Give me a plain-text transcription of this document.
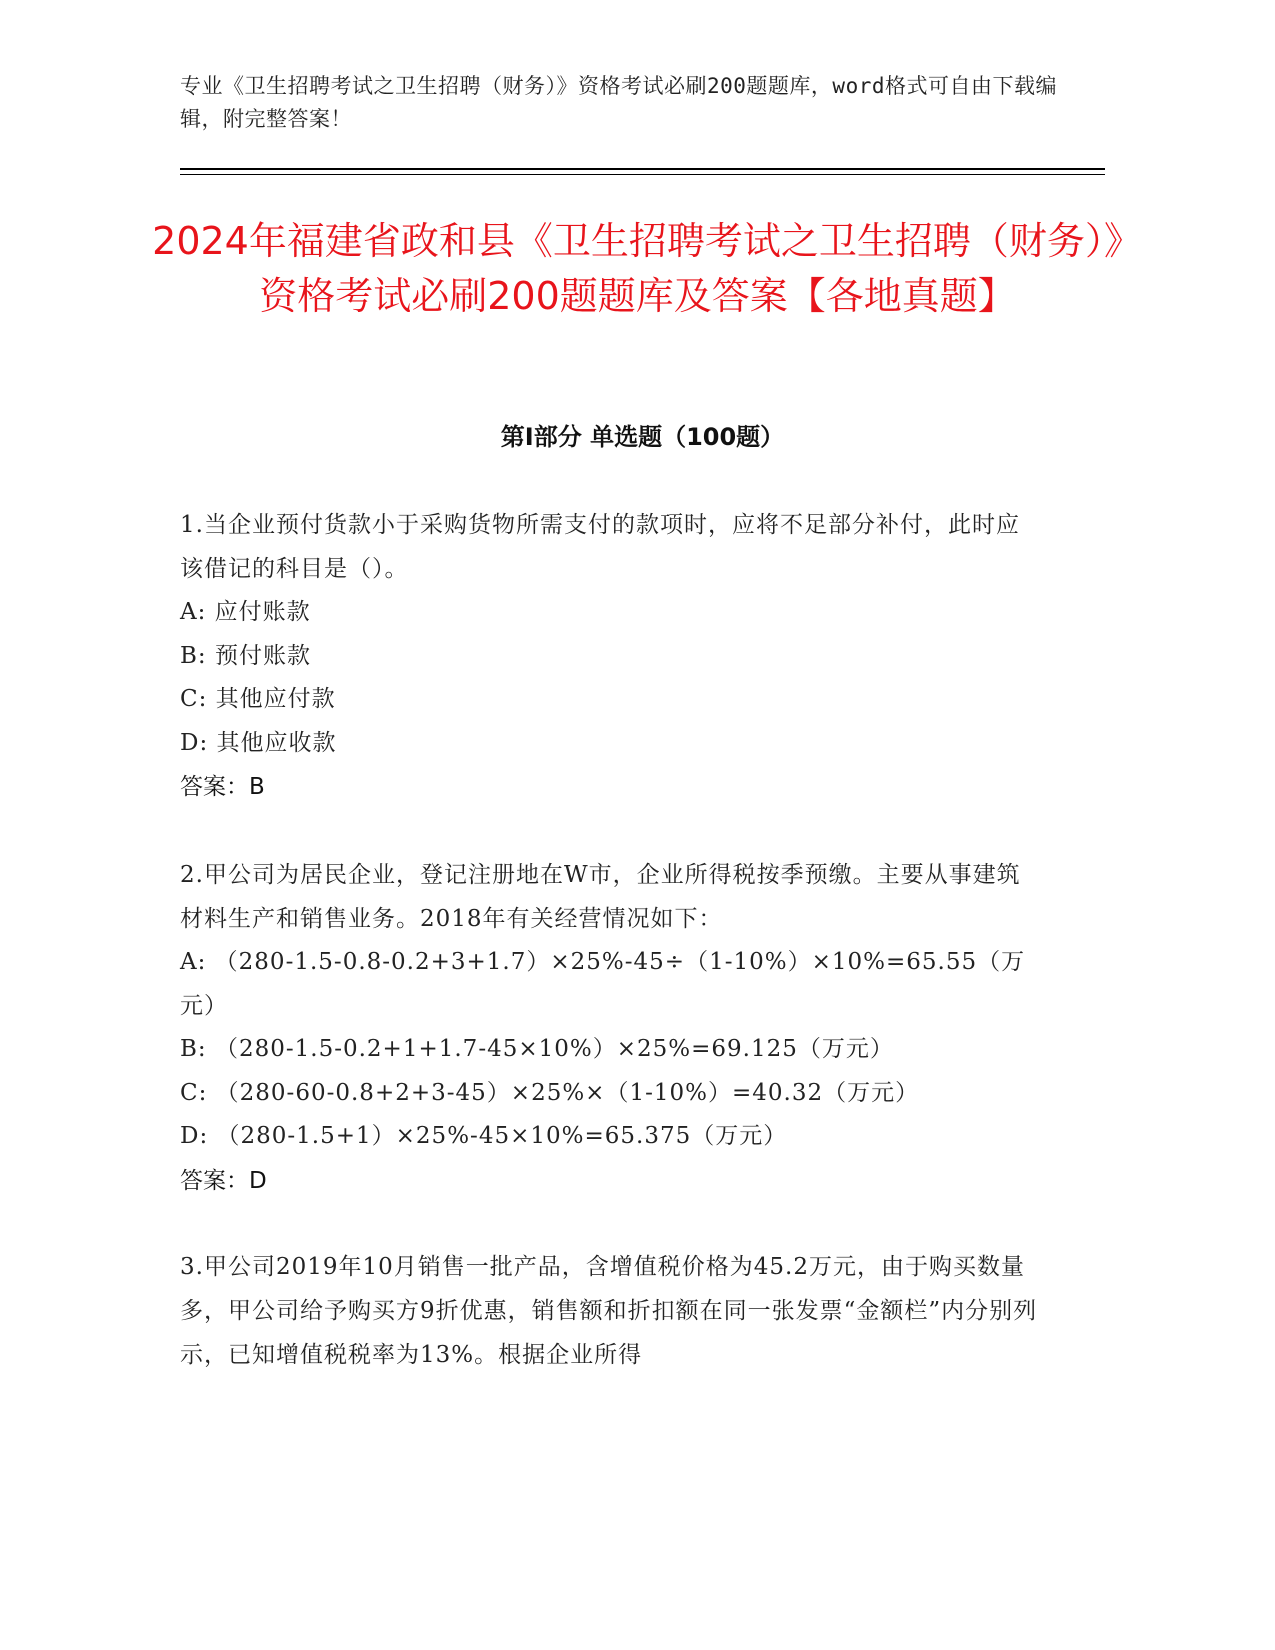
专业《卫生招聘考试之卫生招聘（财务）》资格考试必刷200题题库，word格式可自由下载编辑，附完整答案！
2024年福建省政和县《卫生招聘考试之卫生招聘（财务）》资格考试必刷200题题库及答案【各地真题】
第I部分 单选题（100题）
1.当企业预付货款小于采购货物所需支付的款项时，应将不足部分补付，此时应该借记的科目是（）。
A: 应付账款
B: 预付账款
C: 其他应付款
D: 其他应收款
答案：B
2.甲公司为居民企业，登记注册地在W市，企业所得税按季预缴。主要从事建筑材料生产和销售业务。2018年有关经营情况如下：
A: （280-1.5-0.8-0.2+3+1.7）×25%-45÷（1-10%）×10%=65.55（万元）
B: （280-1.5-0.2+1+1.7-45×10%）×25%=69.125（万元）
C: （280-60-0.8+2+3-45）×25%×（1-10%）=40.32（万元）
D: （280-1.5+1）×25%-45×10%=65.375（万元）
答案：D
3.甲公司2019年10月销售一批产品，含增值税价格为45.2万元，由于购买数量多，甲公司给予购买方9折优惠，销售额和折扣额在同一张发票“金额栏”内分别列示，已知增值税税率为13%。根据企业所得
